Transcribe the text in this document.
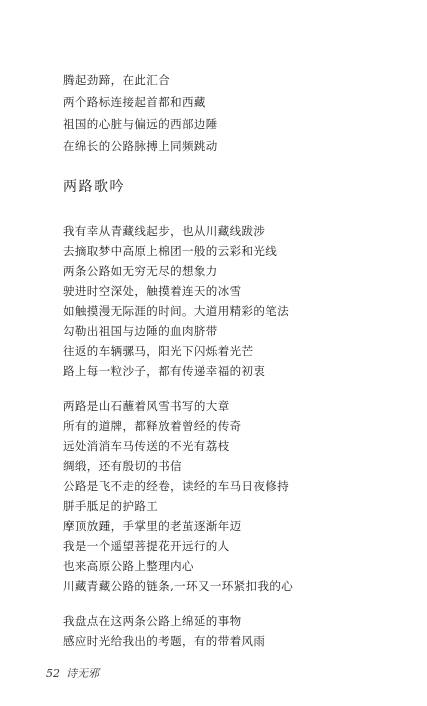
腾起劲蹄，在此汇合
两个路标连接起首都和西藏
祖国的心脏与偏远的西部边陲
在绵长的公路脉搏上同频跳动
两路歌吟
我有幸从青藏线起步，也从川藏线跋涉
去摘取梦中高原上棉团一般的云彩和光线
两条公路如无穷无尽的想象力
驶进时空深处，触摸着连天的冰雪
如触摸漫无际涯的时间。大道用精彩的笔法
勾勒出祖国与边陲的血肉脐带
往返的车辆骡马，阳光下闪烁着光芒
路上每一粒沙子，都有传递幸福的初衷
两路是山石蘸着风雪书写的大章
所有的道牌，都释放着曾经的传奇
远处消消车马传送的不光有荔枝
绸缎，还有殷切的书信
公路是飞不走的经卷，读经的车马日夜修持
胼手胝足的护路工
摩顶放踵，手掌里的老茧逐渐年迈
我是一个遥望菩提花开远行的人
也来高原公路上整理内心
川藏青藏公路的链条,一环又一环紧扣我的心
我盘点在这两条公路上绵延的事物
感应时光给我出的考题，有的带着风雨
52 诗无邪
